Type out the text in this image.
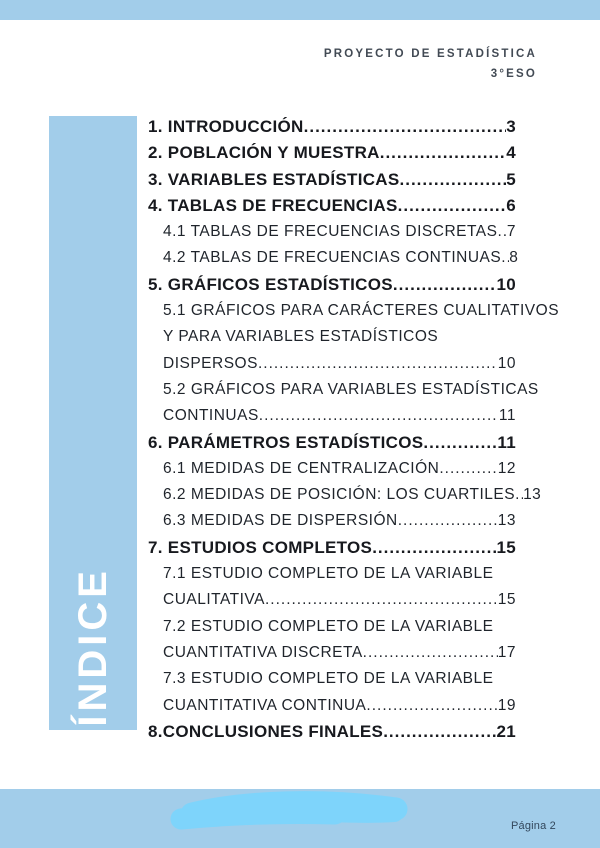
PROYECTO DE ESTADÍSTICA
3°ESO
ÍNDICE
1. INTRODUCCIÓN .....	3
2. POBLACIÓN Y MUESTRA .....	4
3. VARIABLES ESTADÍSTICAS .....	5
4. TABLAS DE FRECUENCIAS .....	6
4.1 TABLAS DE FRECUENCIAS DISCRETAS ..... 7
4.2 TABLAS DE FRECUENCIAS CONTINUAS ..... 8
5. GRÁFICOS ESTADÍSTICOS .....	10
5.1 GRÁFICOS PARA CARÁCTERES CUALITATIVOS
Y PARA VARIABLES ESTADÍSTICOS
DISPERSOS .....	10
5.2 GRÁFICOS PARA VARIABLES ESTADÍSTICAS
CONTINUAS .....	11
6. PARÁMETROS ESTADÍSTICOS .....	11
6.1 MEDIDAS DE CENTRALIZACIÓN .....	12
6.2 MEDIDAS DE POSICIÓN: LOS CUARTILES ..... 13
6.3 MEDIDAS DE DISPERSIÓN .....	13
7. ESTUDIOS COMPLETOS .....	15
7.1 ESTUDIO COMPLETO DE LA VARIABLE
CUALITATIVA .....	15
7.2 ESTUDIO COMPLETO DE LA VARIABLE
CUANTITATIVA DISCRETA .....	17
7.3 ESTUDIO COMPLETO DE LA VARIABLE
CUANTITATIVA CONTINUA .....	19
8.CONCLUSIONES FINALES .....	21
Página 2
